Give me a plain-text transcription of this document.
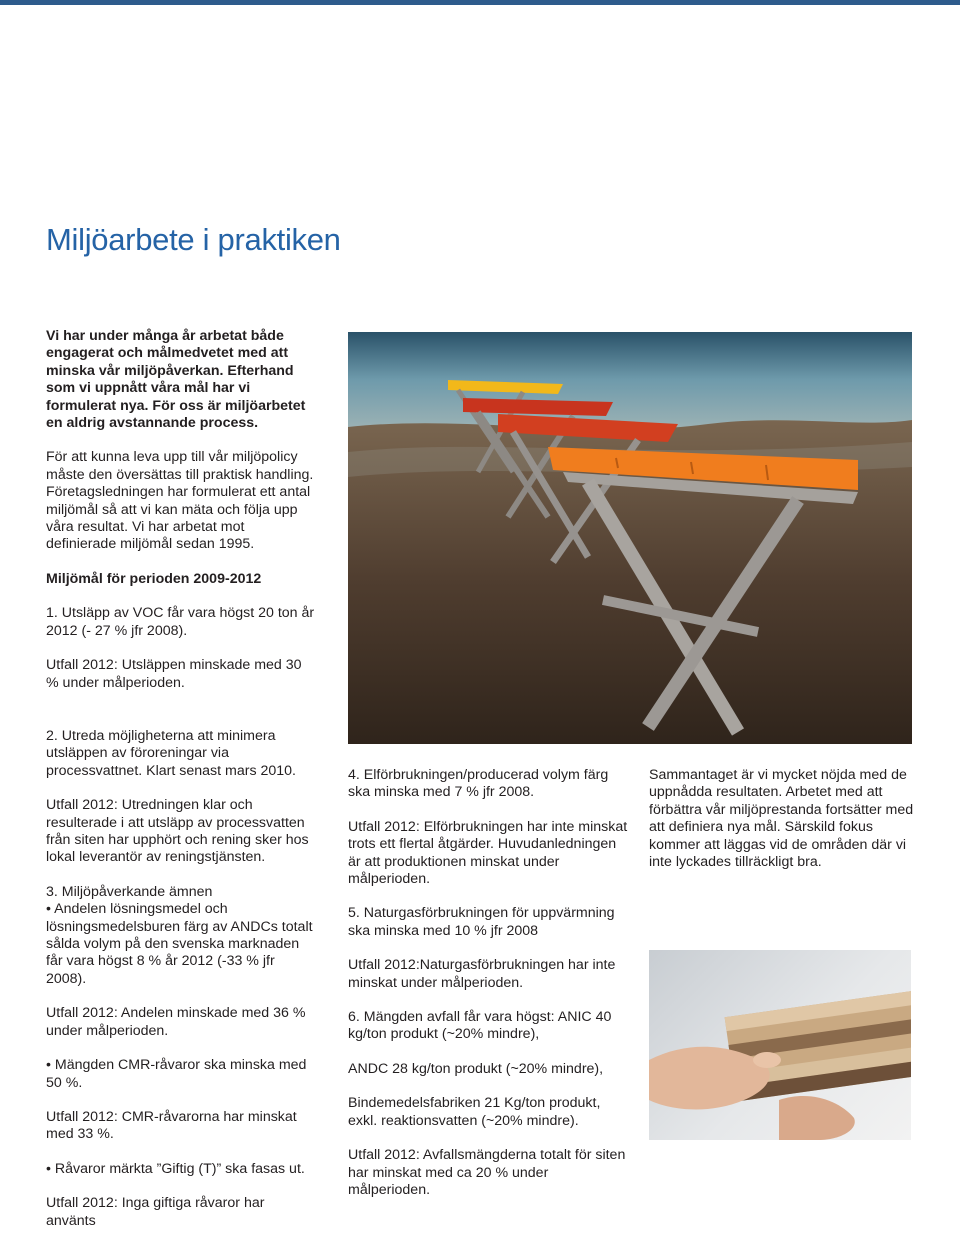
Miljöarbete i praktiken

Vi har under många år arbetat både engagerat och målmedvetet med att minska vår miljöpåverkan. Efterhand som vi uppnått våra mål har vi formulerat nya. För oss är miljöarbetet en aldrig avstannande process.

För att kunna leva upp till vår miljöpolicy måste den översättas till praktisk handling. Företagsledningen har formulerat ett antal miljömål så att vi kan mäta och följa upp våra resultat. Vi har arbetat mot definierade miljömål sedan 1995.

Miljömål för perioden 2009-2012

1. Utsläpp av VOC får vara högst 20 ton år 2012 (- 27 % jfr 2008).

Utfall 2012: Utsläppen minskade med 30 % under målperioden.

2. Utreda möjligheterna att minimera utsläppen av föroreningar via processvattnet. Klart senast mars 2010.

Utfall 2012: Utredningen klar och resulterade i att utsläpp av processvatten från siten har upphört och rening sker hos lokal leverantör av reningstjänsten.

3. Miljöpåverkande ämnen

• Andelen lösningsmedel och lösningsmedelsburen färg av ANDCs totalt sålda volym på den svenska marknaden får vara högst 8 % år 2012 (-33 % jfr 2008).

Utfall 2012: Andelen minskade med 36 % under målperioden.

• Mängden CMR-råvaror ska minska med 50 %.

Utfall 2012: CMR-råvarorna har minskat med 33 %.

• Råvaror märkta ”Giftig (T)” ska fasas ut.

Utfall 2012: Inga giftiga råvaror har använts

4. Elförbrukningen/producerad volym färg ska minska med 7 % jfr 2008.

Utfall 2012: Elförbrukningen har inte minskat trots ett flertal åtgärder. Huvudanledningen är att produktionen minskat under målperioden.

5. Naturgasförbrukningen för uppvärmning ska minska med 10 % jfr 2008

Utfall 2012:Naturgasförbrukningen har inte minskat under målperioden.

6. Mängden avfall får vara högst: ANIC 40 kg/ton produkt (~20% mindre),

ANDC 28 kg/ton produkt (~20% mindre),

Bindemedelsfabriken 21 Kg/ton produkt, exkl. reaktionsvatten (~20% mindre).

Utfall 2012: Avfallsmängderna totalt för siten har minskat med ca 20 % under målperioden.

Sammantaget är vi mycket nöjda med de uppnådda resultaten. Arbetet med att förbättra vår miljöprestanda fortsätter med att definiera nya mål. Särskild fokus kommer att läggas vid de områden där vi inte lyckades tillräckligt bra.
